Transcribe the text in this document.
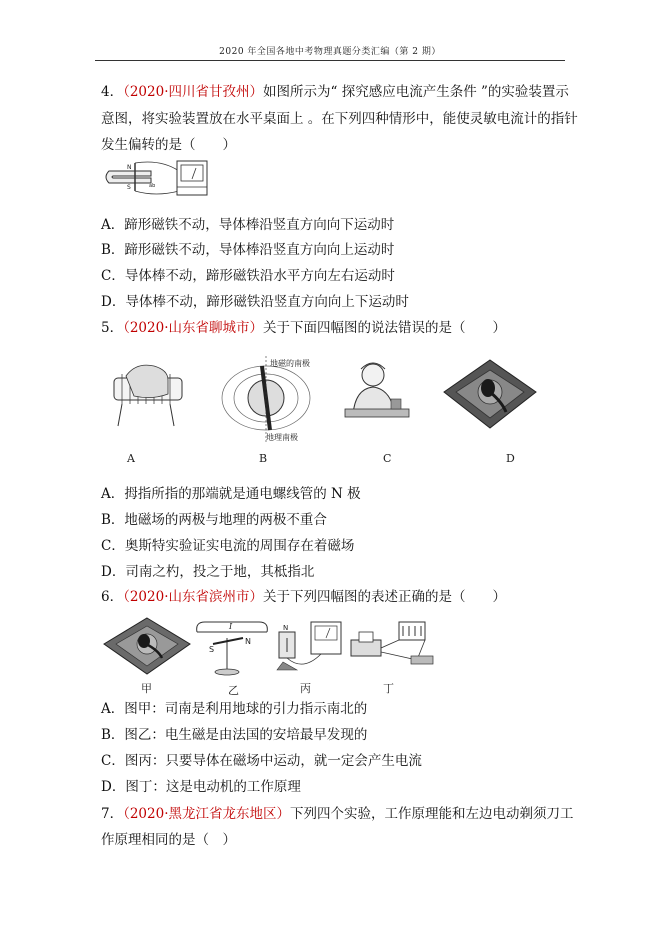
2020 年全国各地中考物理真题分类汇编（第 2 期）
4．（2020·四川省甘孜州）如图所示为“ 探究感应电流产生条件 ”的实验装置示
意图，将实验装置放在水平桌面上 。在下列四种情形中，能使灵敏电流计的指针
发生偏转的是（　　）
N
S	ab
A．蹄形磁铁不动，导体棒沿竖直方向向下运动时
B．蹄形磁铁不动，导体棒沿竖直方向向上运动时
C．导体棒不动，蹄形磁铁沿水平方向左右运动时
D．导体棒不动，蹄形磁铁沿竖直方向向上下运动时
5．（2020·山东省聊城市）关于下面四幅图的说法错误的是（　　）
A
地磁的南极
地理南极
B	C	D
A．拇指所指的那端就是通电螺线管的 N 极
B．地磁场的两极与地理的两极不重合
C．奥斯特实验证实电流的周围存在着磁场
D．司南之杓，投之于地，其柢指北
6．（2020·山东省滨州市）关于下列四幅图的表述正确的是（　　）
甲
I
S
N
乙
N
丙	丁
A．图甲：司南是利用地球的引力指示南北的
B．图乙：电生磁是由法国的安培最早发现的
C．图丙：只要导体在磁场中运动，就一定会产生电流
D．图丁：这是电动机的工作原理
7．（2020·黑龙江省龙东地区）下列四个实验，工作原理能和左边电动剃须刀工
作原理相同的是（　）
